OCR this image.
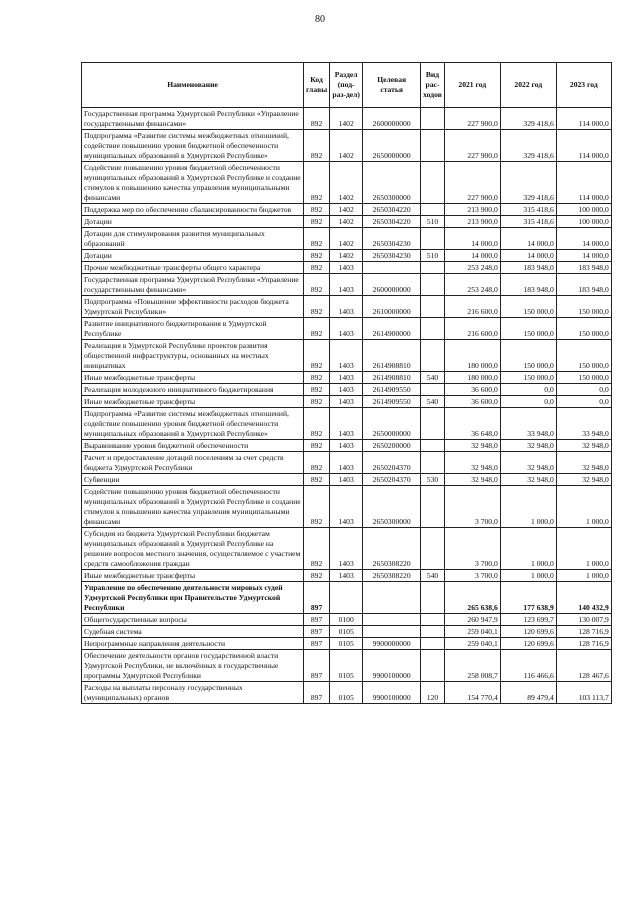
80
Наименование	Код главы	Раздел (под-раз-дел)	Целевая статья	Вид рас-ходов	2021 год	2022 год	2023 год
Государственная программа Удмуртской Республики «Управление государственными финансами»	892	1402	2600000000		227 900,0	329 418,6	114 000,0
Подпрограмма «Развитие системы межбюджетных отношений, содействие повышению уровня бюджетной обеспеченности муниципальных образований в Удмуртской Республике»	892	1402	2650000000		227 900,0	329 418,6	114 000,0
Содействие повышению уровня бюджетной обеспеченности муниципальных образований в Удмуртской Республике и создание стимулов к повышению качества управления муниципальными финансами	892	1402	2650300000		227 900,0	329 418,6	114 000,0
Поддержка мер по обеспечению сбалансированности бюджетов	892	1402	2650304220		213 900,0	315 418,6	100 000,0
Дотации	892	1402	2650304220	510	213 900,0	315 418,6	100 000,0
Дотации для стимулирования развития муниципальных образований	892	1402	2650304230		14 000,0	14 000,0	14 000,0
Дотации	892	1402	2650304230	510	14 000,0	14 000,0	14 000,0
Прочие межбюджетные трансферты общего характера	892	1403			253 248,0	183 948,0	183 948,0
Государственная программа Удмуртской Республики «Управление государственными финансами»	892	1403	2600000000		253 248,0	183 948,0	183 948,0
Подпрограмма «Повышение эффективности расходов бюджета Удмуртской Республики»	892	1403	2610000000		216 600,0	150 000,0	150 000,0
Развитие инициативного бюджетирования в Удмуртской Республике	892	1403	2614900000		216 600,0	150 000,0	150 000,0
Реализация в Удмуртской Республике проектов развития общественной инфраструктуры, основанных на местных инициативах	892	1403	2614908810		180 000,0	150 000,0	150 000,0
Иные межбюджетные трансферты	892	1403	2614908810	540	180 000,0	150 000,0	150 000,0
Реализация молодежного инициативного бюджетирования	892	1403	2614909550		36 600,0	0,0	0,0
Иные межбюджетные трансферты	892	1403	2614909550	540	36 600,0	0,0	0,0
Подпрограмма «Развитие системы межбюджетных отношений, содействие повышению уровня бюджетной обеспеченности муниципальных образований в Удмуртской Республике»	892	1403	2650000000		36 648,0	33 948,0	33 948,0
Выравнивание уровня бюджетной обеспеченности	892	1403	2650200000		32 948,0	32 948,0	32 948,0
Расчет и предоставление дотаций поселениям за счет средств бюджета Удмуртской Республики	892	1403	2650204370		32 948,0	32 948,0	32 948,0
Субвенции	892	1403	2650204370	530	32 948,0	32 948,0	32 948,0
Содействие повышению уровня бюджетной обеспеченности муниципальных образований в Удмуртской Республике и создание стимулов к повышению качества управления муниципальными финансами	892	1403	2650300000		3 700,0	1 000,0	1 000,0
Субсидия из бюджета Удмуртской Республики бюджетам муниципальных образований в Удмуртской Республике на решение вопросов местного значения, осуществляемое с участием средств самообложения граждан	892	1403	2650308220		3 700,0	1 000,0	1 000,0
Иные межбюджетные трансферты	892	1403	2650308220	540	3 700,0	1 000,0	1 000,0
Управление по обеспечению деятельности мировых судей Удмуртской Республики при Правительстве Удмуртской Республики	897				265 638,6	177 638,9	140 432,9
Общегосударственные вопросы	897	0100			260 947,9	123 699,7	130 007,9
Судебная система	897	0105			259 040,1	120 699,6	128 716,9
Непрограммные направления деятельности	897	0105	9900000000		259 040,1	120 699,6	128 716,9
Обеспечение деятельности органов государственной власти Удмуртской Республики, не включённых в государственные программы Удмуртской Республики	897	0105	9900100000		258 008,7	116 466,6	128 467,6
Расходы на выплаты персоналу государственных (муниципальных) органов	897	0105	9900100000	120	154 770,4	89 479,4	103 113,7
